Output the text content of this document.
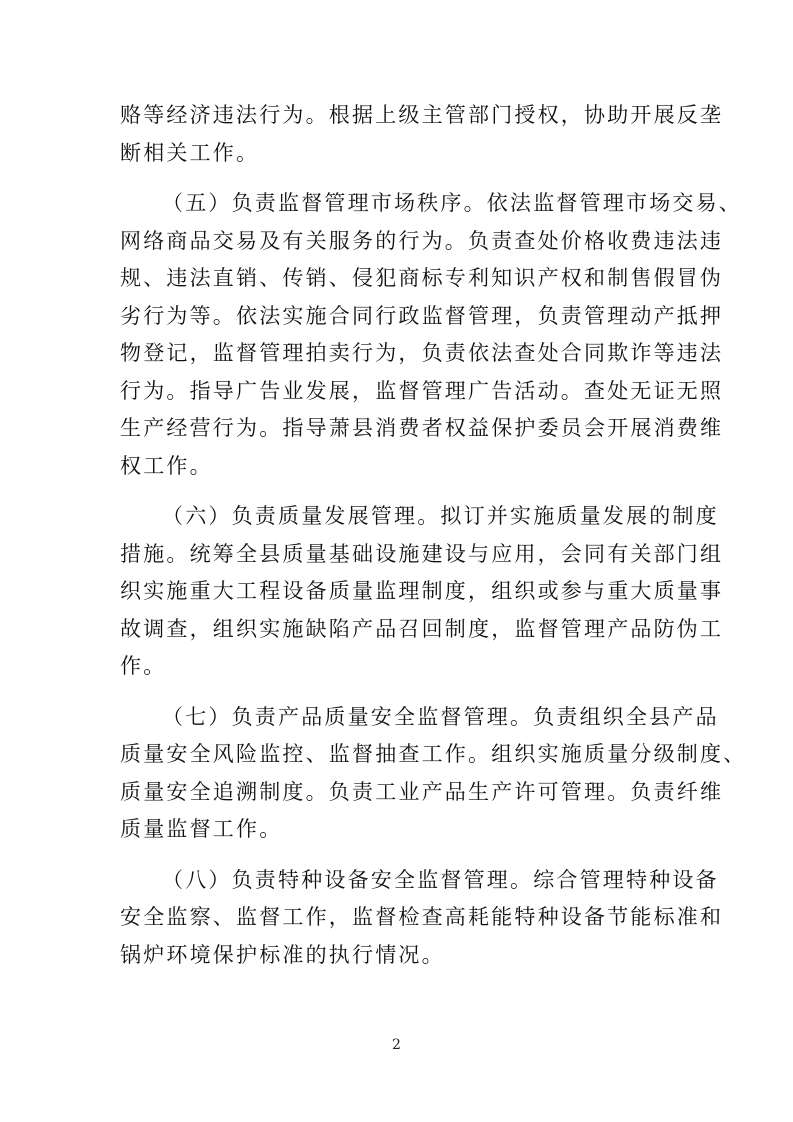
赂等经济违法行为。根据上级主管部门授权，协助开展反垄
断相关工作。
（五）负责监督管理市场秩序。依法监督管理市场交易、
网络商品交易及有关服务的行为。负责查处价格收费违法违
规、违法直销、传销、侵犯商标专利知识产权和制售假冒伪
劣行为等。依法实施合同行政监督管理，负责管理动产抵押
物登记，监督管理拍卖行为，负责依法查处合同欺诈等违法
行为。指导广告业发展，监督管理广告活动。查处无证无照
生产经营行为。指导萧县消费者权益保护委员会开展消费维
权工作。
（六）负责质量发展管理。拟订并实施质量发展的制度
措施。统筹全县质量基础设施建设与应用，会同有关部门组
织实施重大工程设备质量监理制度，组织或参与重大质量事
故调查，组织实施缺陷产品召回制度，监督管理产品防伪工
作。
（七）负责产品质量安全监督管理。负责组织全县产品
质量安全风险监控、监督抽查工作。组织实施质量分级制度、
质量安全追溯制度。负责工业产品生产许可管理。负责纤维
质量监督工作。
（八）负责特种设备安全监督管理。综合管理特种设备
安全监察、监督工作，监督检查高耗能特种设备节能标准和
锅炉环境保护标准的执行情况。
2
